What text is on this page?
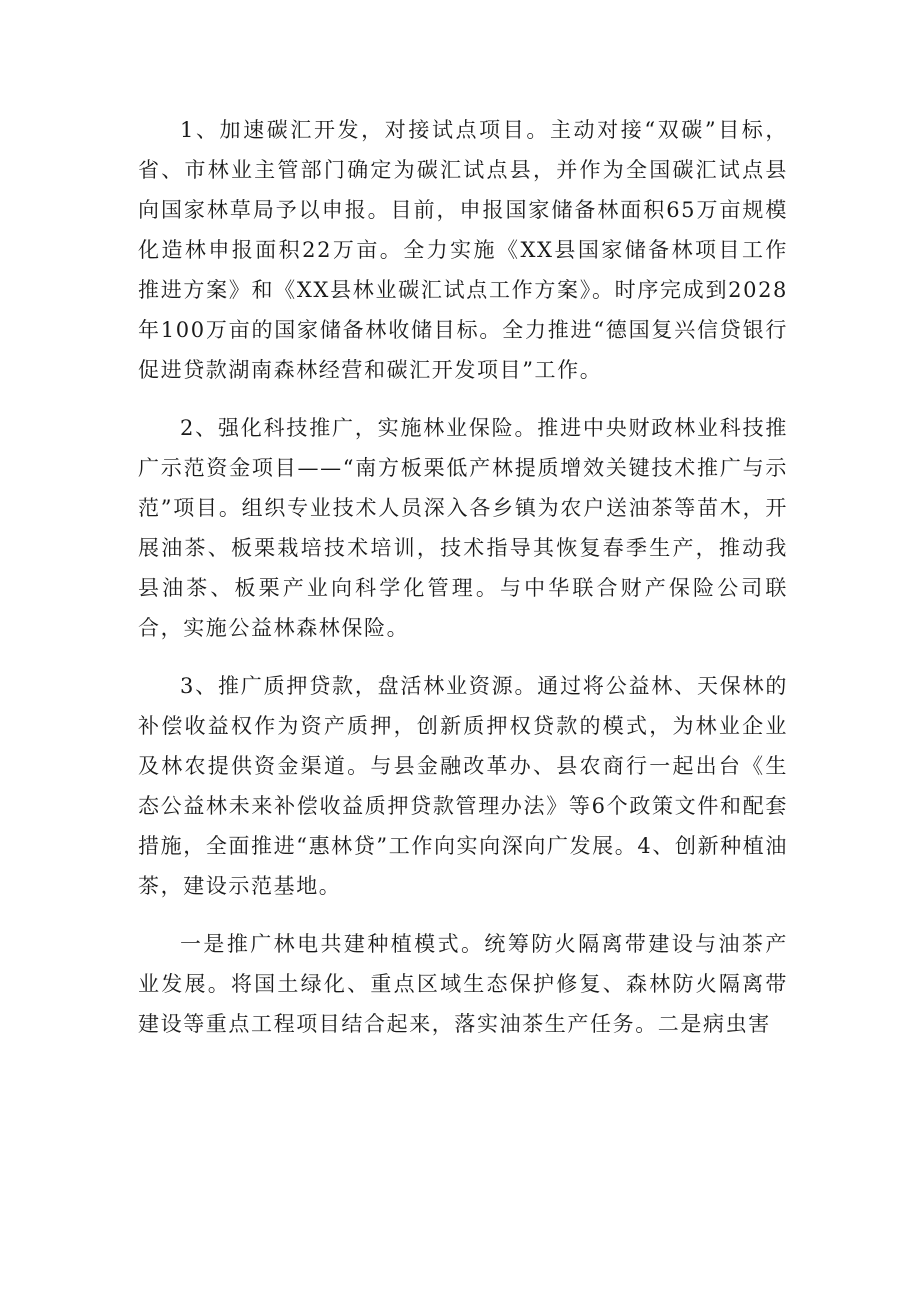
1、加速碳汇开发，对接试点项目。主动对接“双碳”目标，省、市林业主管部门确定为碳汇试点县，并作为全国碳汇试点县向国家林草局予以申报。目前，申报国家储备林面积65万亩规模化造林申报面积22万亩。全力实施《XX县国家储备林项目工作推进方案》和《XX县林业碳汇试点工作方案》。时序完成到2028年100万亩的国家储备林收储目标。全力推进“德国复兴信贷银行促进贷款湖南森林经营和碳汇开发项目”工作。

2、强化科技推广，实施林业保险。推进中央财政林业科技推广示范资金项目——“南方板栗低产林提质增效关键技术推广与示范”项目。组织专业技术人员深入各乡镇为农户送油茶等苗木，开展油茶、板栗栽培技术培训，技术指导其恢复春季生产，推动我县油茶、板栗产业向科学化管理。与中华联合财产保险公司联合，实施公益林森林保险。

3、推广质押贷款，盘活林业资源。通过将公益林、天保林的补偿收益权作为资产质押，创新质押权贷款的模式，为林业企业及林农提供资金渠道。与县金融改革办、县农商行一起出台《生态公益林未来补偿收益质押贷款管理办法》等6个政策文件和配套措施，全面推进“惠林贷”工作向实向深向广发展。4、创新种植油茶，建设示范基地。

一是推广林电共建种植模式。统筹防火隔离带建设与油茶产业发展。将国土绿化、重点区域生态保护修复、森林防火隔离带建设等重点工程项目结合起来，落实油茶生产任务。二是病虫害
